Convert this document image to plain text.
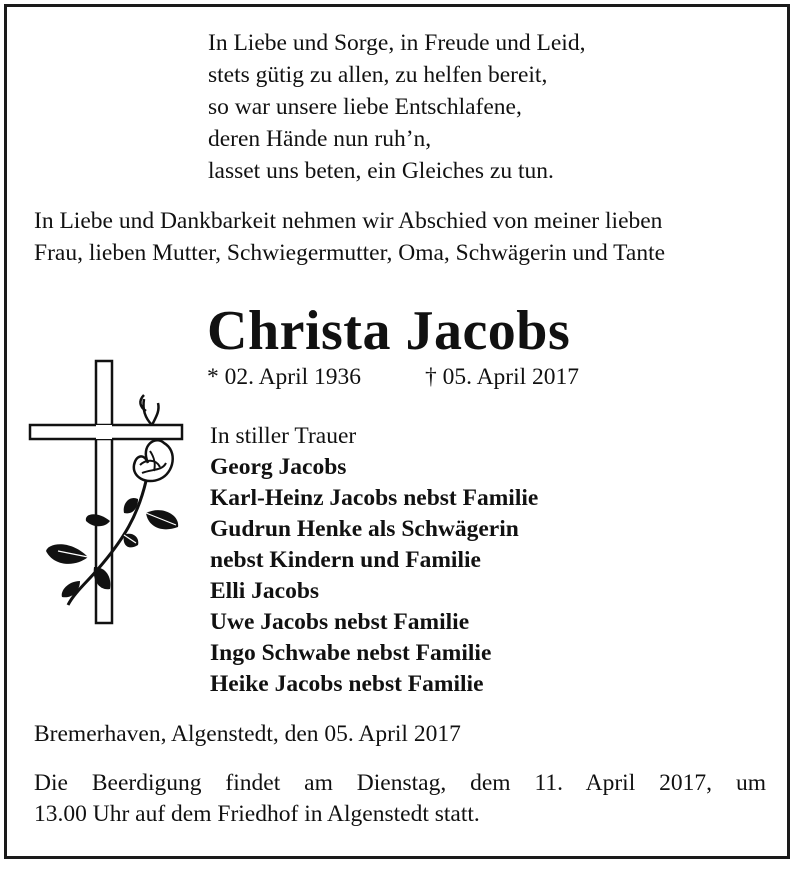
In Liebe und Sorge, in Freude und Leid,
stets gütig zu allen, zu helfen bereit,
so war unsere liebe Entschlafene,
deren Hände nun ruh’n,
lasset uns beten, ein Gleiches zu tun.
In Liebe und Dankbarkeit nehmen wir Abschied von meiner lieben
Frau, lieben Mutter, Schwiegermutter, Oma, Schwägerin und Tante
Christa Jacobs
* 02. April 1936	† 05. April 2017
In stiller Trauer
Georg Jacobs
Karl-Heinz Jacobs nebst Familie
Gudrun Henke als Schwägerin
nebst Kindern und Familie
Elli Jacobs
Uwe Jacobs nebst Familie
Ingo Schwabe nebst Familie
Heike Jacobs nebst Familie
Bremerhaven, Algenstedt, den 05. April 2017
Die Beerdigung findet am Dienstag, dem 11. April 2017, um
13.00 Uhr auf dem Friedhof in Algenstedt statt.
